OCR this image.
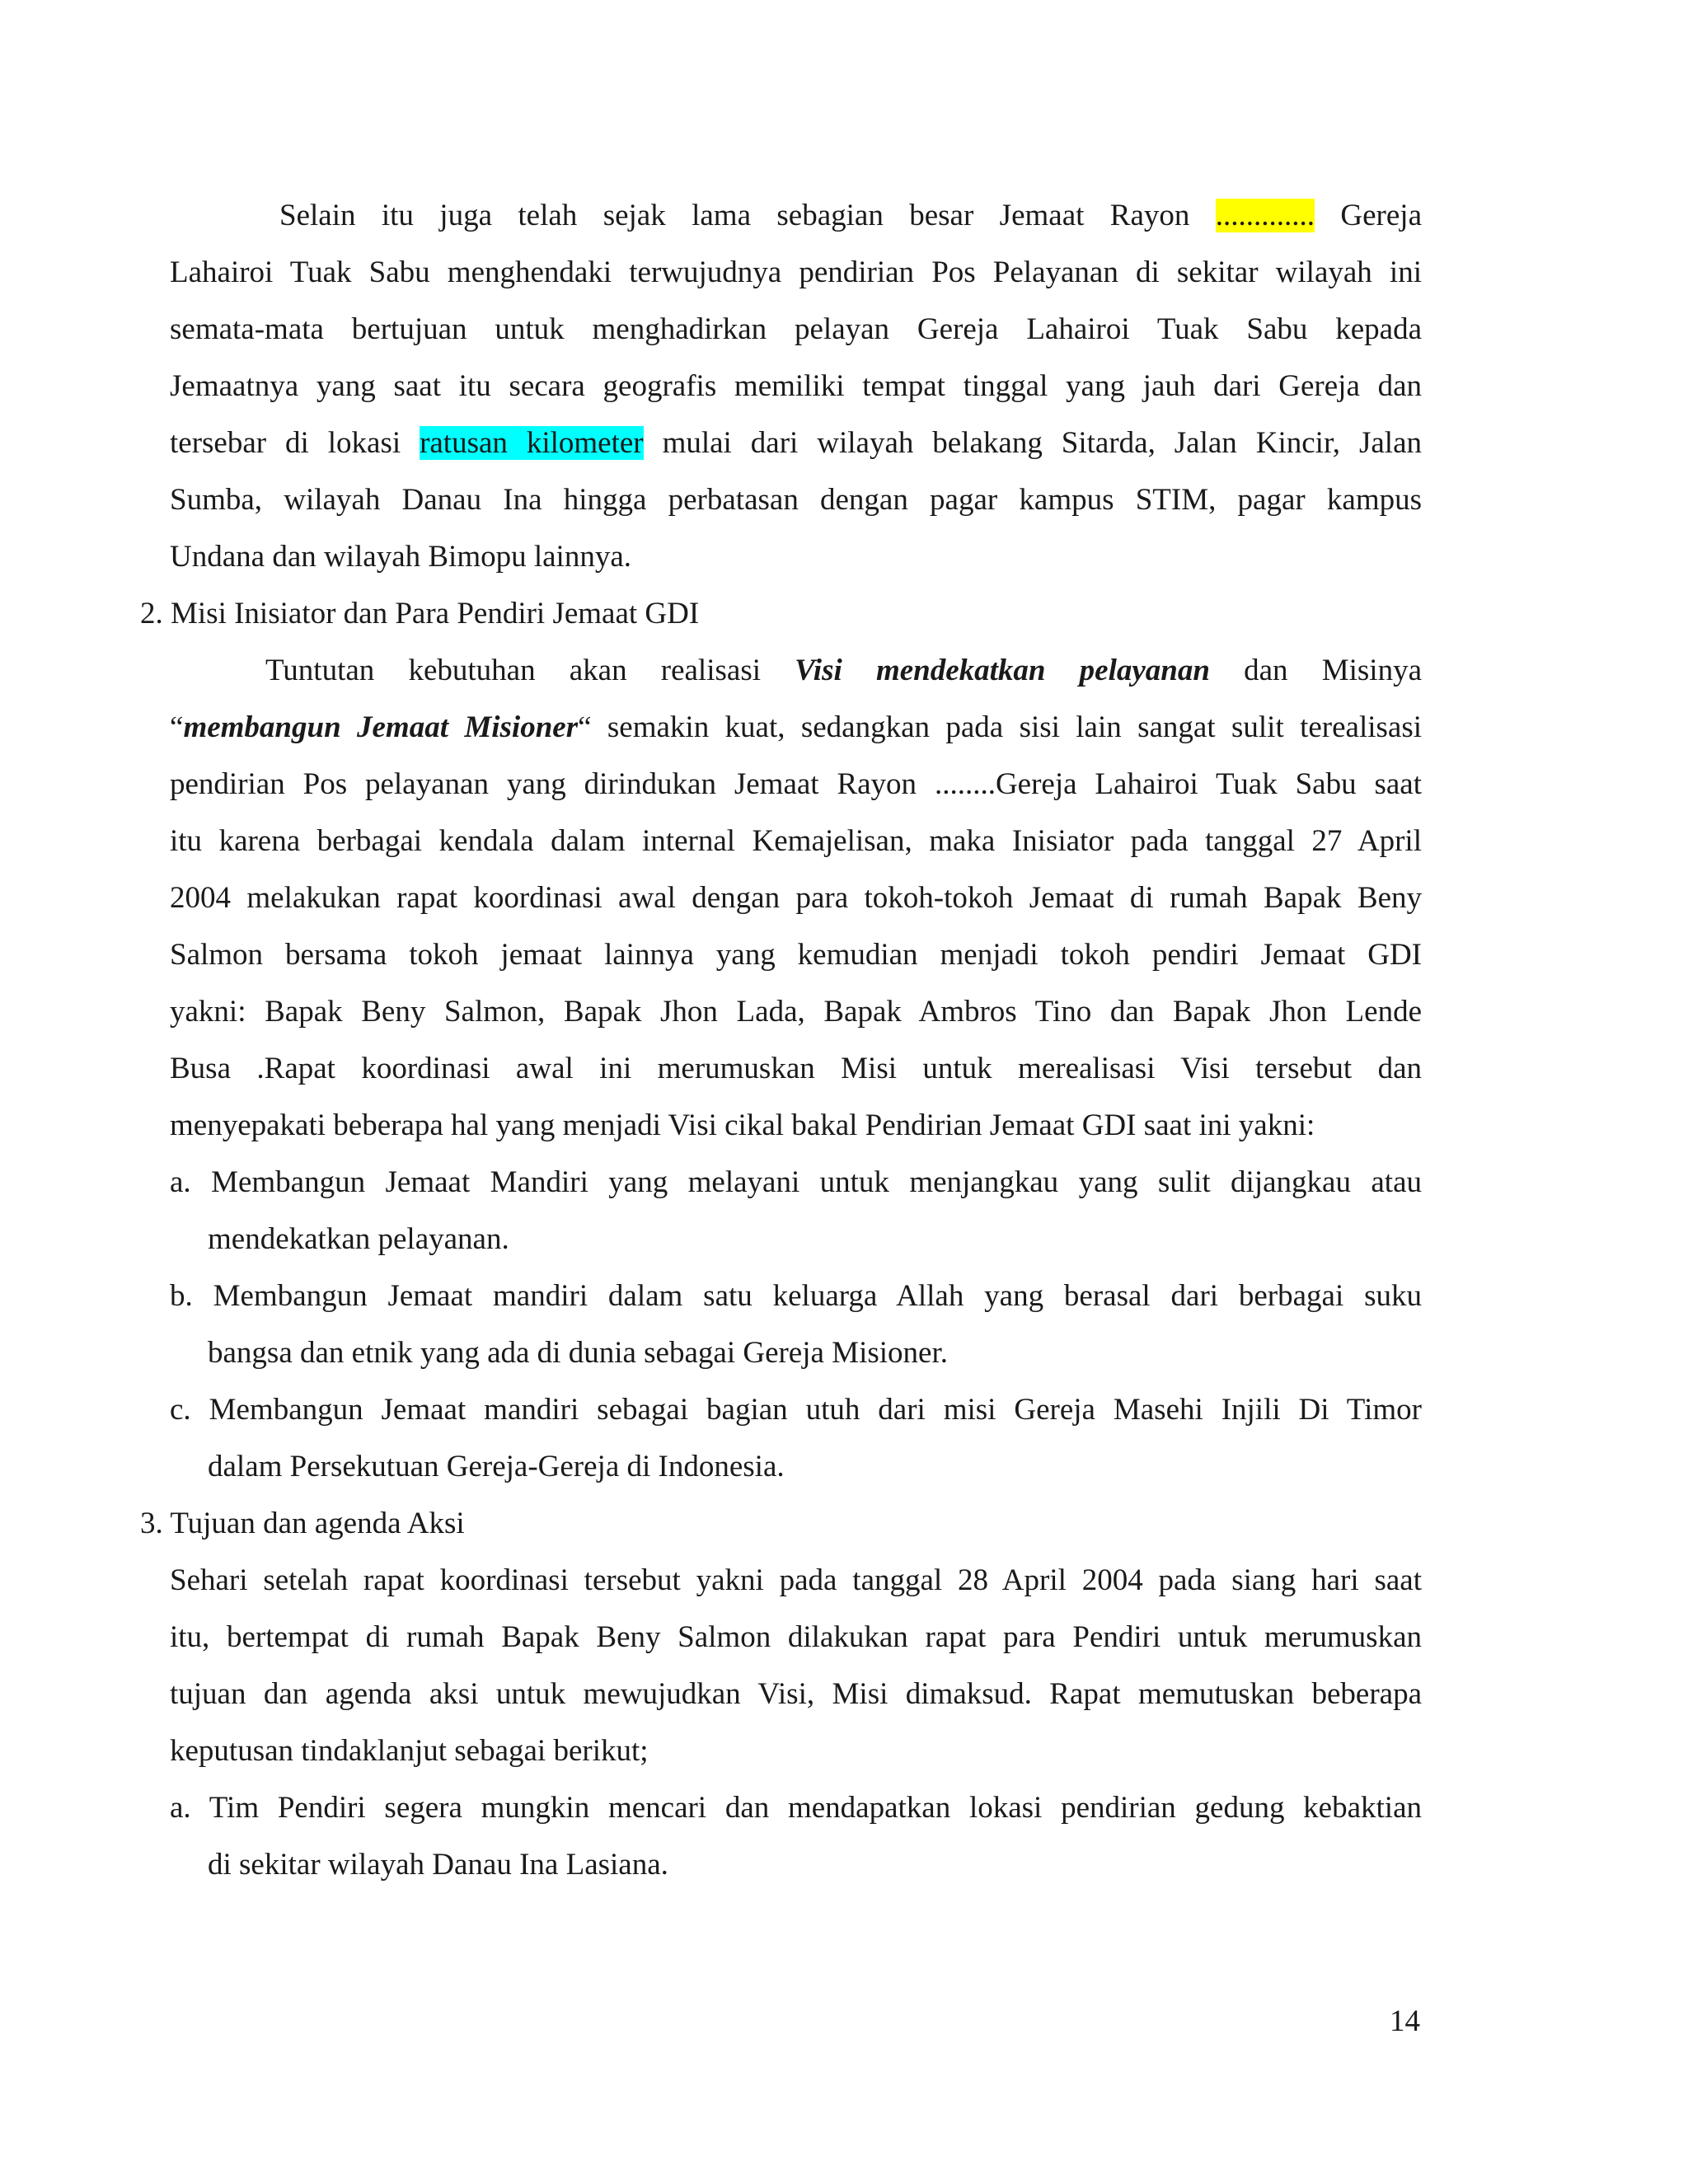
Selain itu juga telah sejak lama sebagian besar Jemaat Rayon ............. Gereja
Lahairoi Tuak Sabu menghendaki terwujudnya pendirian Pos Pelayanan di sekitar wilayah ini
semata-mata bertujuan untuk menghadirkan pelayan Gereja Lahairoi Tuak Sabu kepada
Jemaatnya yang saat itu secara geografis memiliki tempat tinggal yang jauh dari Gereja dan
tersebar di lokasi ratusan kilometer mulai dari wilayah belakang Sitarda, Jalan Kincir, Jalan
Sumba, wilayah Danau Ina hingga perbatasan dengan pagar kampus STIM, pagar kampus
Undana dan wilayah Bimopu lainnya.
2. Misi Inisiator dan Para Pendiri Jemaat GDI
Tuntutan kebutuhan akan realisasi Visi mendekatkan pelayanan dan Misinya
“membangun Jemaat Misioner“ semakin kuat, sedangkan pada sisi lain sangat sulit terealisasi
pendirian Pos pelayanan yang dirindukan Jemaat Rayon ........Gereja Lahairoi Tuak Sabu saat
itu karena berbagai kendala dalam internal Kemajelisan, maka Inisiator pada tanggal 27 April
2004 melakukan rapat koordinasi awal dengan para tokoh-tokoh Jemaat di rumah Bapak Beny
Salmon bersama tokoh jemaat lainnya yang kemudian menjadi tokoh pendiri Jemaat GDI
yakni: Bapak Beny Salmon, Bapak Jhon Lada, Bapak Ambros Tino dan Bapak Jhon Lende
Busa .Rapat koordinasi awal ini merumuskan Misi untuk merealisasi Visi tersebut dan
menyepakati beberapa hal yang menjadi Visi cikal bakal Pendirian Jemaat GDI saat ini yakni:
a. Membangun Jemaat Mandiri yang melayani untuk menjangkau yang sulit dijangkau atau
mendekatkan pelayanan.
b. Membangun Jemaat mandiri dalam satu keluarga Allah yang berasal dari berbagai suku
bangsa dan etnik yang ada di dunia sebagai Gereja Misioner.
c. Membangun Jemaat mandiri sebagai bagian utuh dari misi Gereja Masehi Injili Di Timor
dalam Persekutuan Gereja-Gereja di Indonesia.
3. Tujuan dan agenda Aksi
Sehari setelah rapat koordinasi tersebut yakni pada tanggal 28 April 2004 pada siang hari saat
itu, bertempat di rumah Bapak Beny Salmon dilakukan rapat para Pendiri untuk merumuskan
tujuan dan agenda aksi untuk mewujudkan Visi, Misi dimaksud. Rapat memutuskan beberapa
keputusan tindaklanjut sebagai berikut;
a. Tim Pendiri segera mungkin mencari dan mendapatkan lokasi pendirian gedung kebaktian
di sekitar wilayah Danau Ina Lasiana.
14
